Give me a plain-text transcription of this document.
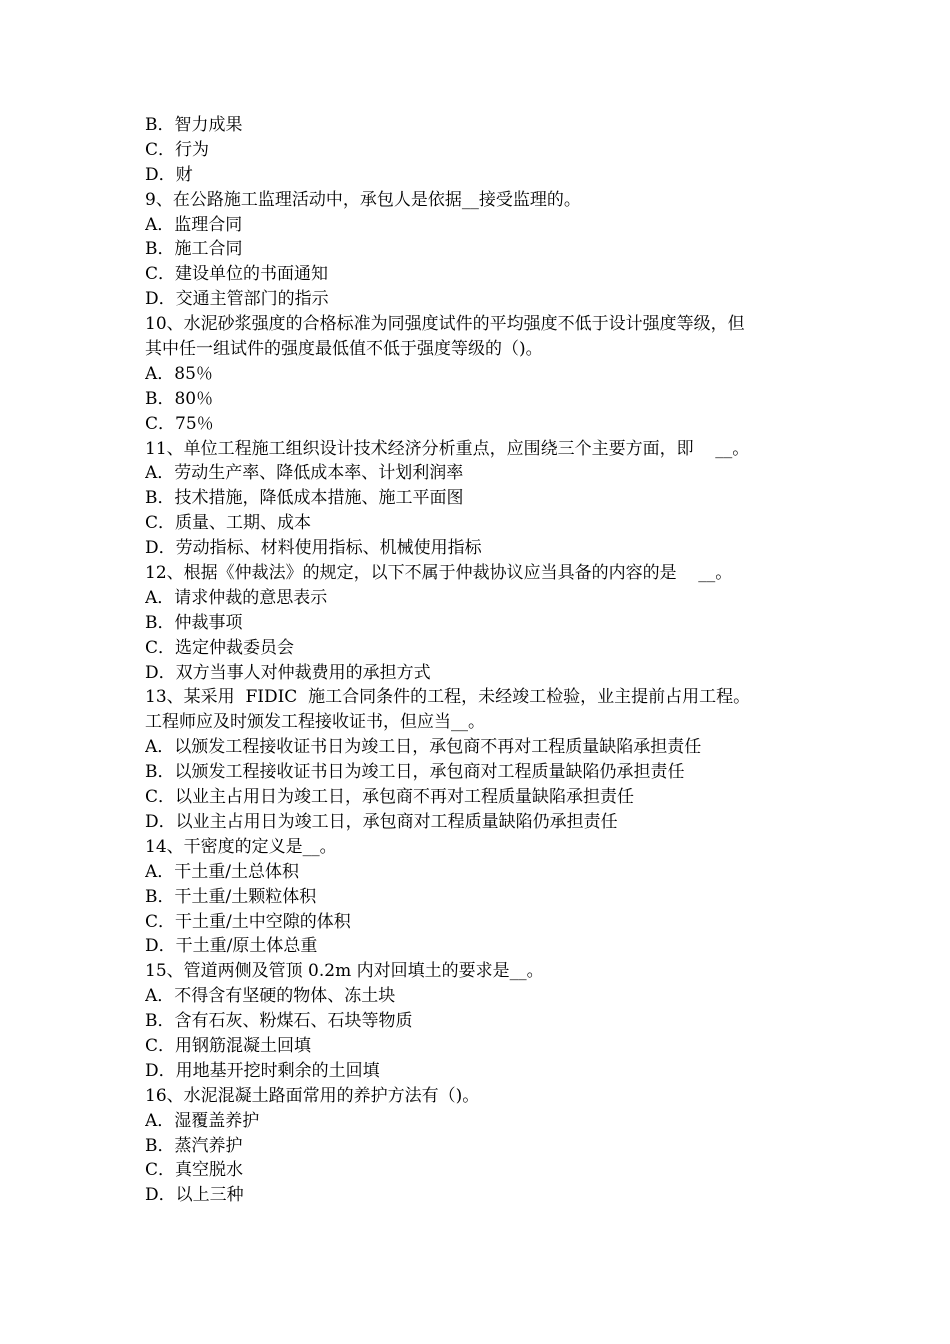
B．智力成果
C．行为
D．财
9、在公路施工监理活动中，承包人是依据__接受监理的。
A．监理合同
B．施工合同
C．建设单位的书面通知
D．交通主管部门的指示
10、水泥砂浆强度的合格标准为同强度试件的平均强度不低于设计强度等级，但
其中任一组试件的强度最低值不低于强度等级的（)。
A．85％
B．80％
C．75％
11、单位工程施工组织设计技术经济分析重点，应围绕三个主要方面，即    __。
A．劳动生产率、降低成本率、计划利润率
B．技术措施，降低成本措施、施工平面图
C．质量、工期、成本
D．劳动指标、材料使用指标、机械使用指标
12、根据《仲裁法》的规定，以下不属于仲裁协议应当具备的内容的是    __。
A．请求仲裁的意思表示
B．仲裁事项
C．选定仲裁委员会
D．双方当事人对仲裁费用的承担方式
13、某采用  FIDIC  施工合同条件的工程，未经竣工检验，业主提前占用工程。
工程师应及时颁发工程接收证书，但应当__。
A．以颁发工程接收证书日为竣工日，承包商不再对工程质量缺陷承担责任
B．以颁发工程接收证书日为竣工日，承包商对工程质量缺陷仍承担责任
C．以业主占用日为竣工日，承包商不再对工程质量缺陷承担责任
D．以业主占用日为竣工日，承包商对工程质量缺陷仍承担责任
14、干密度的定义是__。
A．干土重/土总体积
B．干土重/土颗粒体积
C．干土重/土中空隙的体积
D．干土重/原土体总重
15、管道两侧及管顶 0.2m 内对回填土的要求是__。
A．不得含有坚硬的物体、冻土块
B．含有石灰、粉煤石、石块等物质
C．用钢筋混凝土回填
D．用地基开挖时剩余的土回填
16、水泥混凝土路面常用的养护方法有（)。
A．湿覆盖养护
B．蒸汽养护
C．真空脱水
D．以上三种
